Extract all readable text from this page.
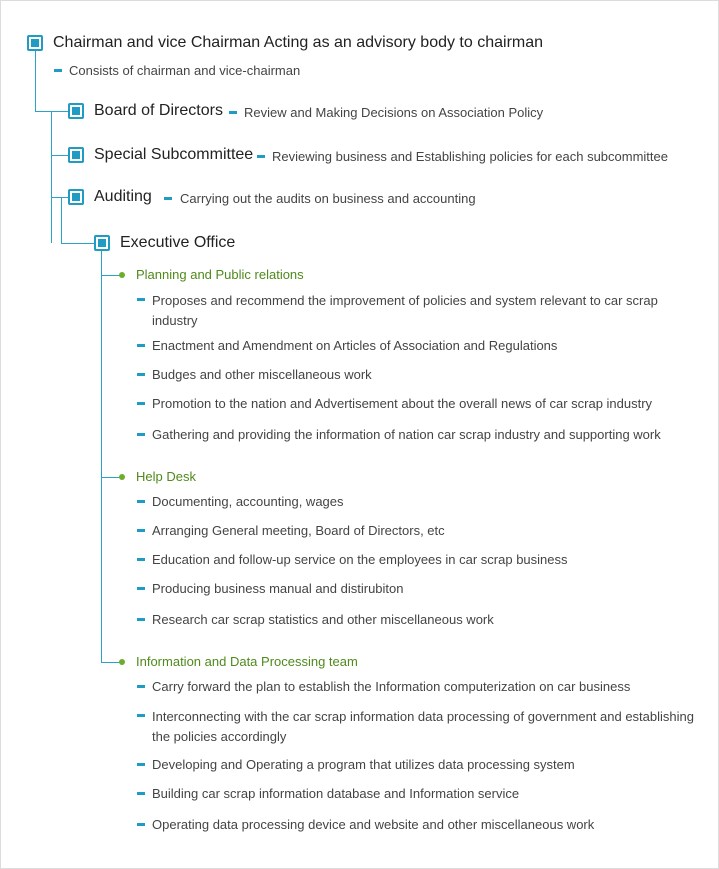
Chairman and vice Chairman Acting as an advisory body to chairman
Consists of chairman and vice-chairman
Board of Directors Review and Making Decisions on Association Policy
Special Subcommittee Reviewing business and Establishing policies for each subcommittee
Auditing Carrying out the audits on business and accounting
Executive Office
Planning and Public relations
Proposes and recommend the improvement of policies and system relevant to car scrap industry
Enactment and Amendment on Articles of Association and Regulations
Budges and other miscellaneous work
Promotion to the nation and Advertisement about the overall news of car scrap industry
Gathering and providing the information of nation car scrap industry and supporting work
Help Desk
Documenting, accounting, wages
Arranging General meeting, Board of Directors, etc
Education and follow-up service on the employees in car scrap business
Producing business manual and distirubiton
Research car scrap statistics and other miscellaneous work
Information and Data Processing team
Carry forward the plan to establish the Information computerization on car business
Interconnecting with the car scrap information data processing of government and establishing the policies accordingly
Developing and Operating a program that utilizes data processing system
Building car scrap information database and Information service
Operating data processing device and website and other miscellaneous work
